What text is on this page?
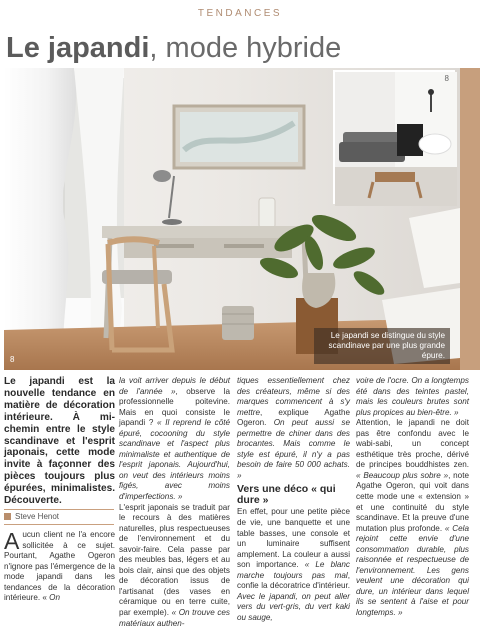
TENDANCES
Le japandi, mode hybride
8
Le japandi se distingue du style scandinave par une plus grande épure.
8

Le japandi est la nouvelle tendance en matière de décoration intérieure. À mi-chemin entre le style scandinave et l'esprit japonais, cette mode invite à façonner des pièces toujours plus épurées, minimalistes. Découverte.

Steve Henot
Aucun client ne l'a encore sollicitée à ce sujet. Pourtant, Agathe Ogeron n'ignore pas l'émergence de la mode japandi dans les tendances de la décoration intérieure. « On

la voit arriver depuis le début de l'année », observe la professionnelle poitevine. Mais en quoi consiste le japandi ? « Il reprend le côté épuré, cocooning du style scandinave et l'aspect plus minimaliste et authentique de l'esprit japonais. Aujourd'hui, on veut des intérieurs moins figés, avec moins d'imperfections. »

L'esprit japonais se traduit par le recours à des matières naturelles, plus respectueuses de l'environnement et du savoir-faire. Cela passe par des meubles bas, légers et au bois clair, ainsi que des objets de décoration issus de l'artisanat (des vases en céramique ou en terre cuite, par exemple). « On trouve ces matériaux authen-

tiques essentiellement chez des créateurs, même si des marques commencent à s'y mettre, explique Agathe Ogeron. On peut aussi se permettre de chiner dans des brocantes. Mais comme le style est épuré, il n'y a pas besoin de faire 50 000 achats. »

Vers une déco « qui dure »

En effet, pour une petite pièce de vie, une banquette et une table basses, une console et un luminaire suffisent amplement. La couleur a aussi son importance. « Le blanc marche toujours pas mal, confie la décoratrice d'intérieur. Avec le japandi, on peut aller vers du vert-gris, du vert kaki ou sauge,

voire de l'ocre. On a longtemps été dans des teintes pastel, mais les couleurs brutes sont plus propices au bien-être. »

Attention, le japandi ne doit pas être confondu avec le wabi-sabi, un concept esthétique très proche, dérivé de principes bouddhistes zen. « Beaucoup plus sobre », note Agathe Ogeron, qui voit dans cette mode une « extension » et une continuité du style scandinave. Et la preuve d'une mutation plus profonde. « Cela rejoint cette envie d'une consommation durable, plus raisonnée et respectueuse de l'environnement. Les gens veulent une décoration qui dure, un intérieur dans lequel ils se sentent à l'aise et pour longtemps. »
